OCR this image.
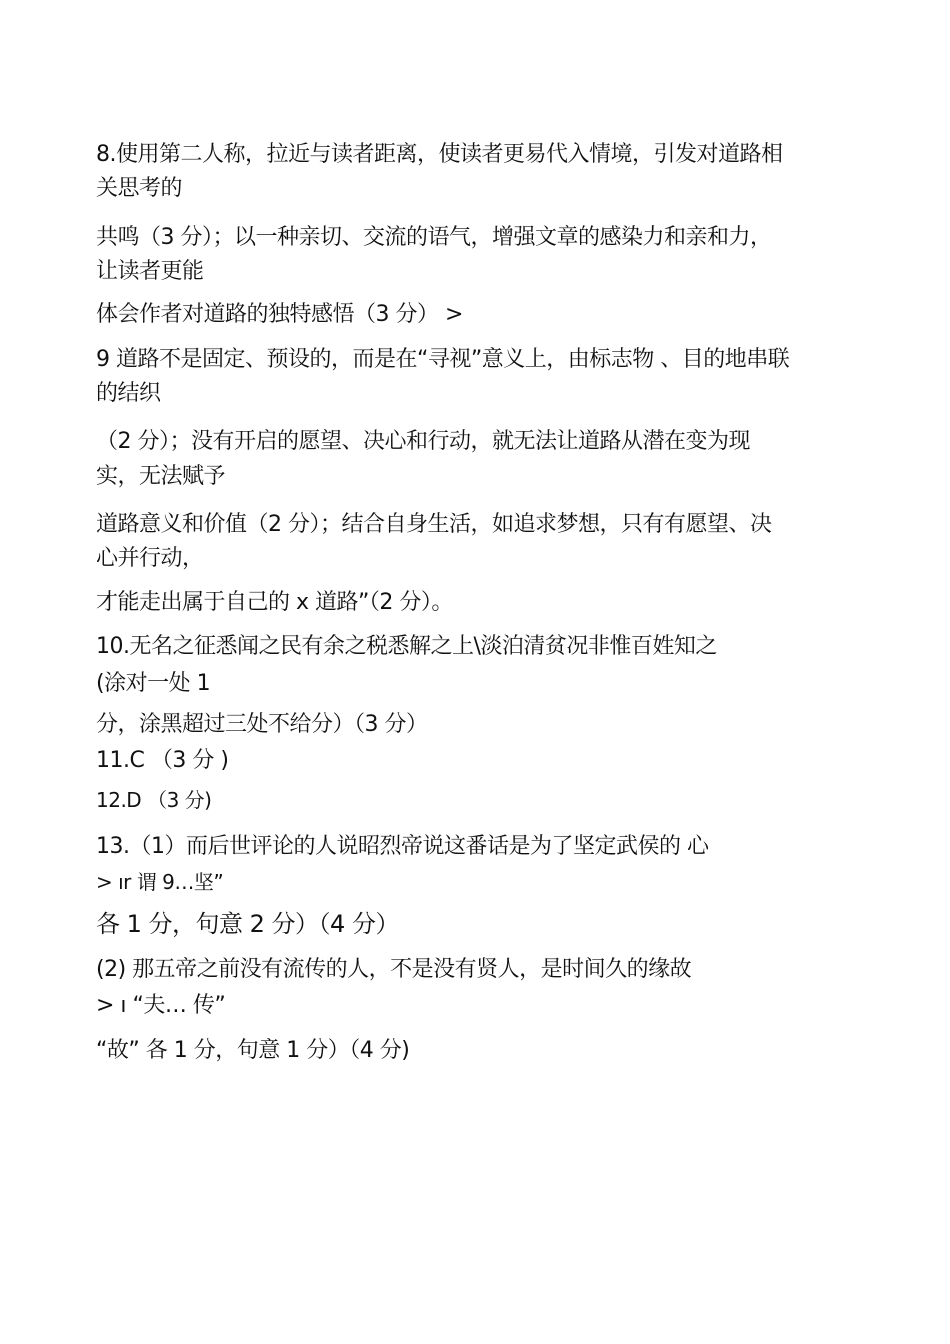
8.使用第二人称，拉近与读者距离，使读者更易代入情境，引发对道路相
关思考的
共鸣（3 分）；以一种亲切、交流的语气，增强文章的感染力和亲和力，
让读者更能
体会作者对道路的独特感悟（3 分） >
9 道路不是固定、预设的，而是在“寻视”意义上，由标志物 、目的地串联
的结织
（2 分）；没有开启的愿望、决心和行动，就无法让道路从潜在变为现
实，无法赋予
道路意义和价值（2 分）；结合自身生活，如追求梦想，只有有愿望、决
心并行动，
才能走出属于自己的 x 道路”（2 分）。
10.无名之征悉闻之民有余之税悉解之上\淡泊清贫况非惟百姓知之
(涂对一处 1
分，涂黑超过三处不给分）（3 分）
11.C （3 分 )
12.D （3 分)
13.（1）而后世评论的人说昭烈帝说这番话是为了坚定武侯的 心
> ır 谓 9…坚”
各 1 分，句意 2 分）（4 分）
(2) 那五帝之前没有流传的人，不是没有贤人，是时间久的缘故
> ı “夫… 传”
“故” 各 1 分，句意 1 分）（4 分)
